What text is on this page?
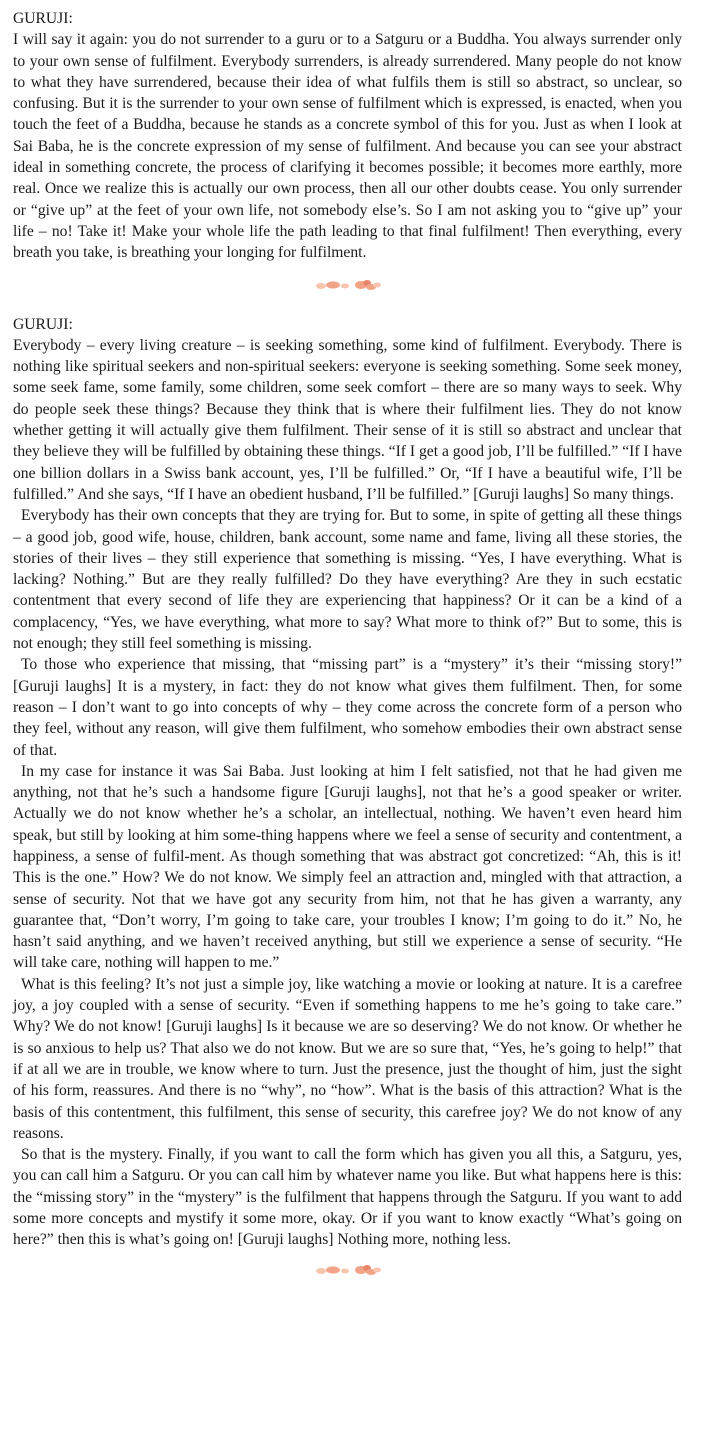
GURUJI:

I will say it again: you do not surrender to a guru or to a Satguru or a Buddha. You always surrender only to your own sense of fulfilment. Everybody surrenders, is already surrendered. Many people do not know to what they have surrendered, because their idea of what fulfils them is still so abstract, so unclear, so confusing. But it is the surrender to your own sense of fulfilment which is expressed, is enacted, when you touch the feet of a Buddha, because he stands as a concrete symbol of this for you. Just as when I look at Sai Baba, he is the concrete expression of my sense of fulfilment. And because you can see your abstract ideal in something concrete, the process of clarifying it becomes possible; it becomes more earthly, more real. Once we realize this is actually our own process, then all our other doubts cease. You only surrender or “give up” at the feet of your own life, not somebody else’s. So I am not asking you to “give up” your life – no! Take it! Make your whole life the path leading to that final fulfilment! Then everything, every breath you take, is breathing your longing for fulfilment.

GURUJI:

Everybody – every living creature – is seeking something, some kind of fulfilment. Everybody. There is nothing like spiritual seekers and non-spiritual seekers: everyone is seeking something. Some seek money, some seek fame, some family, some children, some seek comfort – there are so many ways to seek. Why do people seek these things? Because they think that is where their fulfilment lies. They do not know whether getting it will actually give them fulfilment. Their sense of it is still so abstract and unclear that they believe they will be fulfilled by obtaining these things. “If I get a good job, I’ll be fulfilled.” “If I have one billion dollars in a Swiss bank account, yes, I’ll be fulfilled.” Or, “If I have a beautiful wife, I’ll be fulfilled.” And she says, “If I have an obedient husband, I’ll be fulfilled.” [Guruji laughs] So many things.

Everybody has their own concepts that they are trying for. But to some, in spite of getting all these things – a good job, good wife, house, children, bank account, some name and fame, living all these stories, the stories of their lives – they still experience that something is missing. “Yes, I have everything. What is lacking? Nothing.” But are they really fulfilled? Do they have everything? Are they in such ecstatic contentment that every second of life they are experiencing that happiness? Or it can be a kind of a complacency, “Yes, we have everything, what more to say? What more to think of?” But to some, this is not enough; they still feel something is missing.

To those who experience that missing, that “missing part” is a “mystery” it’s their “missing story!” [Guruji laughs] It is a mystery, in fact: they do not know what gives them fulfilment. Then, for some reason – I don’t want to go into concepts of why – they come across the concrete form of a person who they feel, without any reason, will give them fulfilment, who somehow embodies their own abstract sense of that.

In my case for instance it was Sai Baba. Just looking at him I felt satisfied, not that he had given me anything, not that he’s such a handsome figure [Guruji laughs], not that he’s a good speaker or writer. Actually we do not know whether he’s a scholar, an intellectual, nothing. We haven’t even heard him speak, but still by looking at him some-thing happens where we feel a sense of security and contentment, a happiness, a sense of fulfil-ment. As though something that was abstract got concretized: “Ah, this is it! This is the one.” How? We do not know. We simply feel an attraction and, mingled with that attraction, a sense of security. Not that we have got any security from him, not that he has given a warranty, any guarantee that, “Don’t worry, I’m going to take care, your troubles I know; I’m going to do it.” No, he hasn’t said anything, and we haven’t received anything, but still we experience a sense of security. “He will take care, nothing will happen to me.”

What is this feeling? It’s not just a simple joy, like watching a movie or looking at nature. It is a carefree joy, a joy coupled with a sense of security. “Even if something happens to me he’s going to take care.” Why? We do not know! [Guruji laughs] Is it because we are so deserving? We do not know. Or whether he is so anxious to help us? That also we do not know. But we are so sure that, “Yes, he’s going to help!” that if at all we are in trouble, we know where to turn. Just the presence, just the thought of him, just the sight of his form, reassures. And there is no “why”, no “how”. What is the basis of this attraction? What is the basis of this contentment, this fulfilment, this sense of security, this carefree joy? We do not know of any reasons.

So that is the mystery. Finally, if you want to call the form which has given you all this, a Satguru, yes, you can call him a Satguru. Or you can call him by whatever name you like. But what happens here is this: the “missing story” in the “mystery” is the fulfilment that happens through the Satguru. If you want to add some more concepts and mystify it some more, okay. Or if you want to know exactly “What’s going on here?” then this is what’s going on! [Guruji laughs] Nothing more, nothing less.
